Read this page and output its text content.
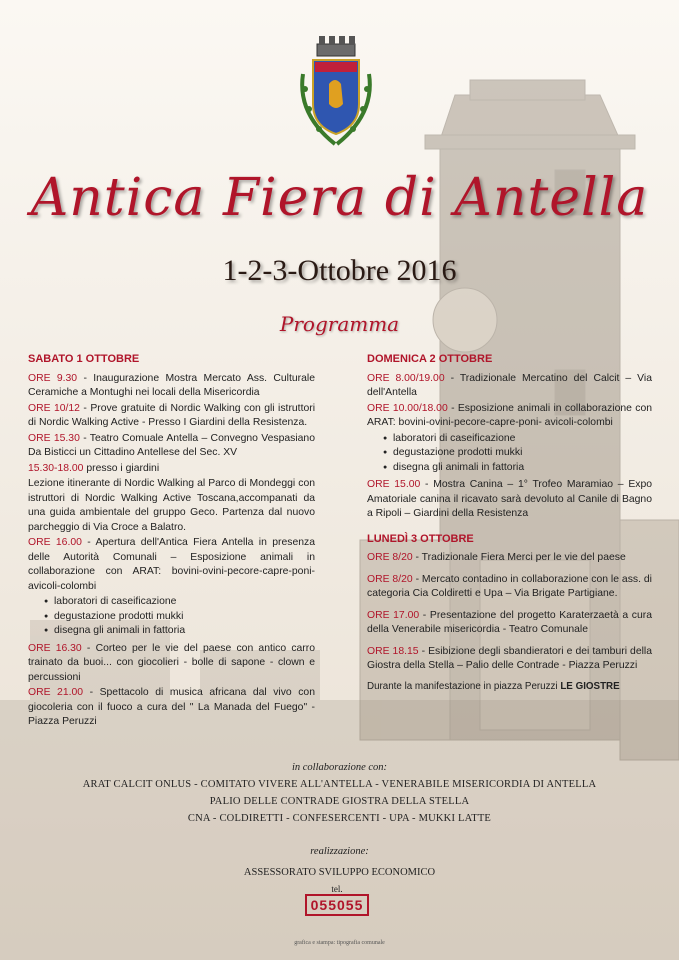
Antica Fiera di Antella
1-2-3-Ottobre 2016
Programma
SABATO 1 OTTOBRE
ORE 9.30 - Inaugurazione Mostra Mercato Ass. Culturale Ceramiche a Montughi nei locali della Misericordia
ORE 10/12 - Prove gratuite di Nordic Walking con gli istruttori di Nordic Walking Active - Presso I Giardini della Resistenza.
ORE 15.30 - Teatro Comuale Antella – Convegno Vespasiano Da Bisticci un Cittadino Antellese del Sec. XV
15.30-18.00 presso i giardini
Lezione itinerante di Nordic Walking al Parco di Mondeggi con istruttori di Nordic Walking Active Toscana,accompanati da una guida ambientale del gruppo Geco. Partenza dal nuovo parcheggio di Via Croce a Balatro.
ORE 16.00 - Apertura dell'Antica Fiera Antella in presenza delle Autorità Comunali – Esposizione animali in collaborazione con ARAT: bovini-ovini-pecore-capre-poni-avicoli-colombi
● laboratori di caseificazione
● degustazione prodotti mukki
● disegna gli animali in fattoria
ORE 16.30 - Corteo per le vie del paese con antico carro trainato da buoi... con giocolieri - bolle di sapone - clown e percussioni
ORE 21.00 - Spettacolo di musica africana dal vivo con giocoleria con il fuoco a cura del " La Manada del Fuego" - Piazza Peruzzi
DOMENICA 2 OTTOBRE
ORE 8.00/19.00 - Tradizionale Mercatino del Calcit – Via dell'Antella
ORE 10.00/18.00 - Esposizione animali in collaborazione con ARAT: bovini-ovini-pecore-capre-poni- avicoli-colombi
● laboratori di caseificazione
● degustazione prodotti mukki
● disegna gli animali in fattoria
ORE 15.00 - Mostra Canina – 1° Trofeo Maramiao – Expo Amatoriale canina il ricavato sarà devoluto al Canile di Bagno a Ripoli – Giardini della Resistenza
LUNEDÌ 3 OTTOBRE
ORE 8/20 - Tradizionale Fiera Merci per le vie del paese
ORE 8/20 - Mercato contadino in collaborazione con le ass. di categoria Cia Coldiretti e Upa – Via Brigate Partigiane.
ORE 17.00 - Presentazione del progetto Karaterzaetà a cura della Venerabile misericordia - Teatro Comunale
ORE 18.15 - Esibizione degli sbandieratori e dei tamburi della Giostra della Stella – Palio delle Contrade - Piazza Peruzzi
Durante la manifestazione in piazza Peruzzi LE GIOSTRE
in collaborazione con:
ARAT CALCIT ONLUS - COMITATO VIVERE ALL'ANTELLA - VENERABILE MISERICORDIA DI ANTELLA
PALIO DELLE CONTRADE GIOSTRA DELLA STELLA
CNA - COLDIRETTI - CONFESERCENTI - UPA - MUKKI LATTE
realizzazione:
ASSESSORATO SVILUPPO ECONOMICO
tel.
055055
grafica e stampa: tipografia comunale
